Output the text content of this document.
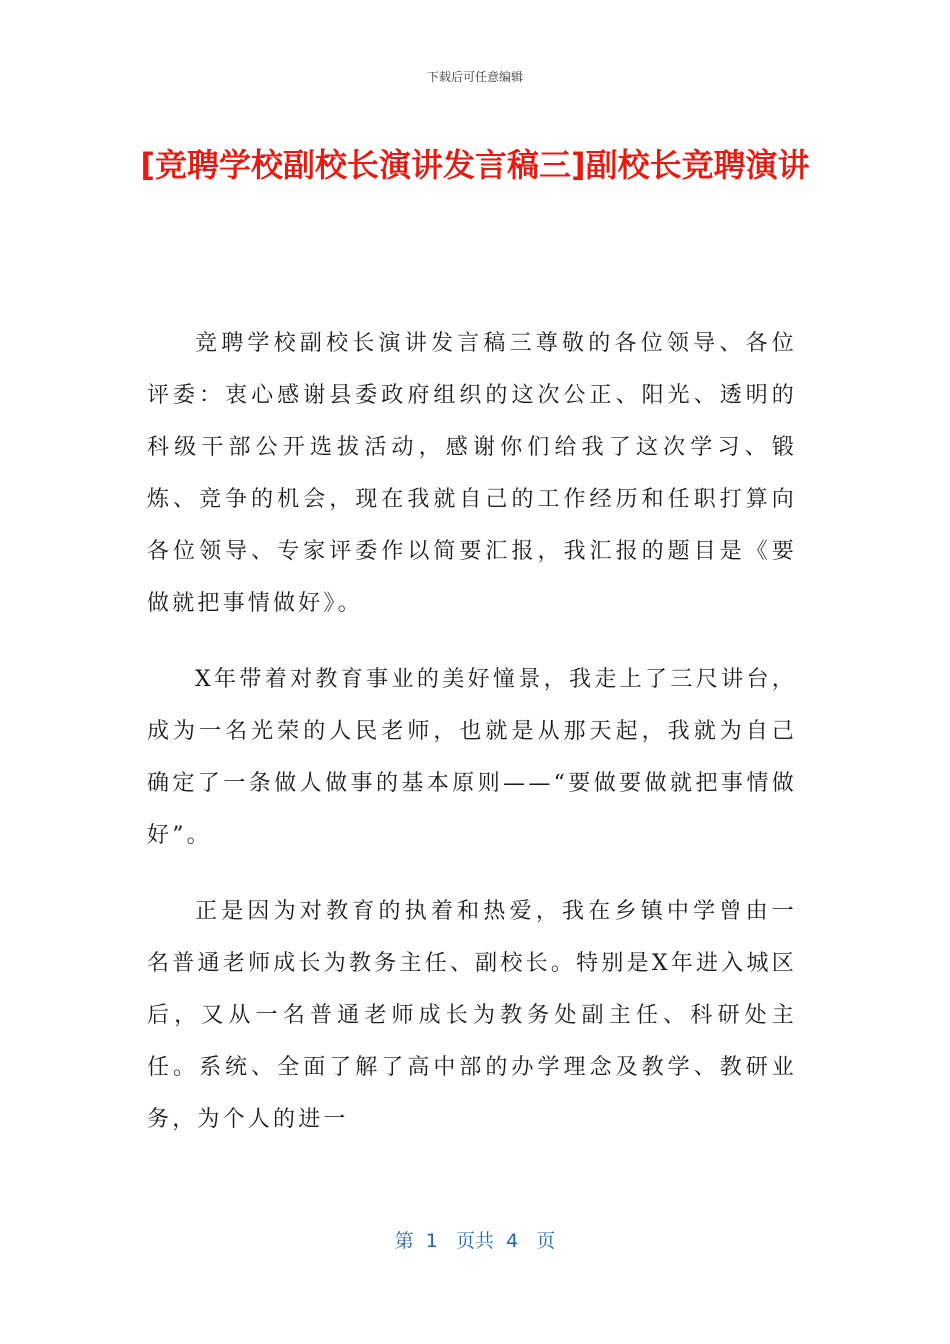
下载后可任意编辑
[竞聘学校副校长演讲发言稿三]副校长竞聘演讲

竞聘学校副校长演讲发言稿三尊敬的各位领导、各位评委：衷心感谢县委政府组织的这次公正、阳光、透明的科级干部公开选拔活动，感谢你们给我了这次学习、锻炼、竞争的机会，现在我就自己的工作经历和任职打算向各位领导、专家评委作以简要汇报，我汇报的题目是《要做就把事情做好》。

X年带着对教育事业的美好憧景，我走上了三尺讲台，成为一名光荣的人民老师，也就是从那天起，我就为自己确定了一条做人做事的基本原则——“要做要做就把事情做好”。

正是因为对教育的执着和热爱，我在乡镇中学曾由一名普通老师成长为教务主任、副校长。特别是X年进入城区后，又从一名普通老师成长为教务处副主任、科研处主任。系统、全面了解了高中部的办学理念及教学、教研业务，为个人的进一

第  1   页共  4   页
